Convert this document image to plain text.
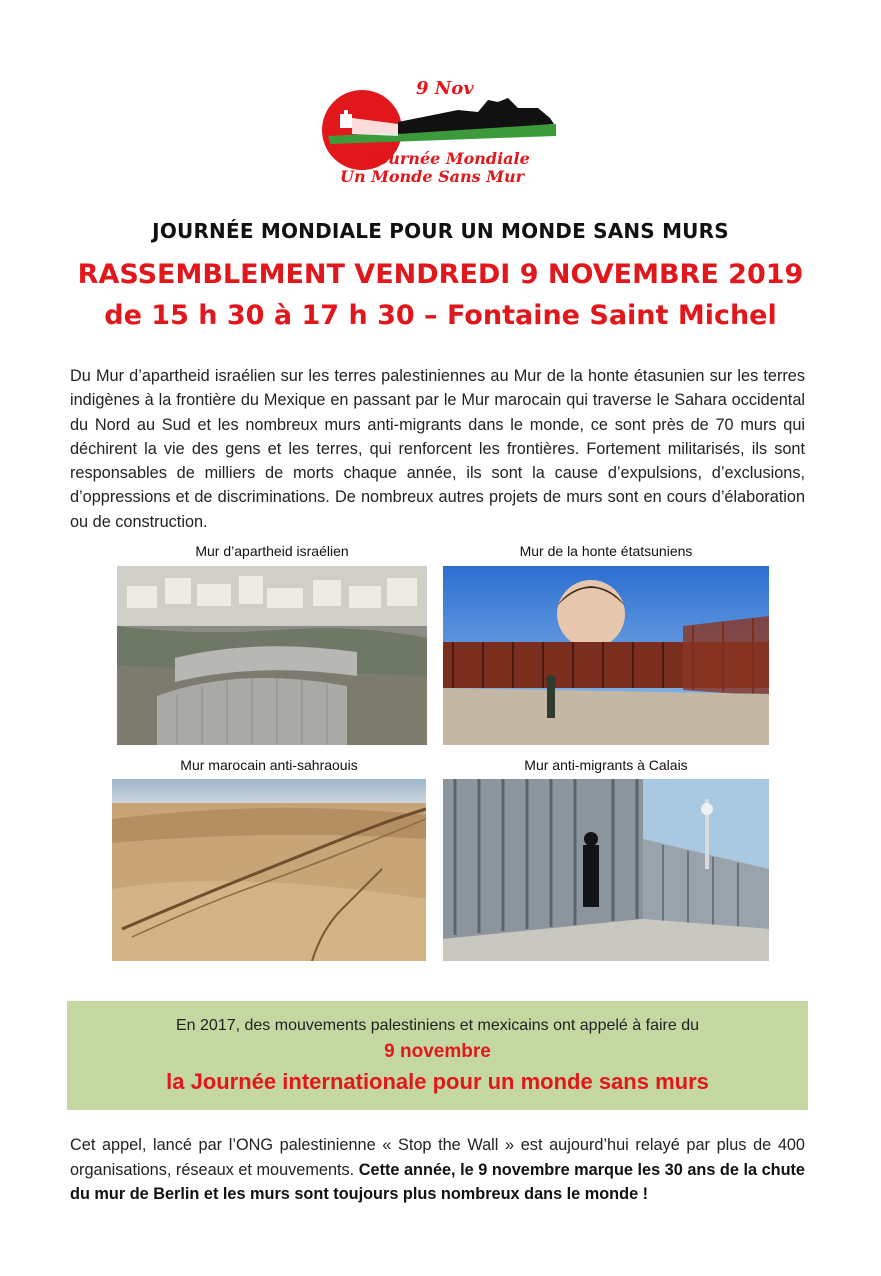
9 Nov
Journée Mondiale
Un Monde Sans Mur
JOURNÉE MONDIALE POUR UN MONDE SANS MURS
RASSEMBLEMENT VENDREDI 9 NOVEMBRE 2019
de 15 h 30 à 17 h 30 – Fontaine Saint Michel

Du Mur d’apartheid israélien sur les terres palestiniennes au Mur de la honte étasunien sur les terres indigènes à la frontière du Mexique en passant par le Mur marocain qui traverse le Sahara occidental du Nord au Sud et les nombreux murs anti-migrants dans le monde, ce sont près de 70 murs qui déchirent la vie des gens et les terres, qui renforcent les frontières. Fortement militarisés, ils sont responsables de milliers de morts chaque année, ils sont la cause d’expulsions, d’exclusions, d’oppressions et de discriminations. De nombreux autres projets de murs sont en cours d’élaboration ou de construction.

Mur d’apartheid israélien	Mur de la honte étatsuniens
Mur marocain anti-sahraouis	Mur anti-migrants à Calais
En 2017, des mouvements palestiniens et mexicains ont appelé à faire du
9 novembre
la Journée internationale pour un monde sans murs

Cet appel, lancé par l’ONG palestinienne « Stop the Wall » est aujourd’hui relayé par plus de 400 organisations, réseaux et mouvements. Cette année, le 9 novembre marque les 30 ans de la chute du mur de Berlin et les murs sont toujours plus nombreux dans le monde !
